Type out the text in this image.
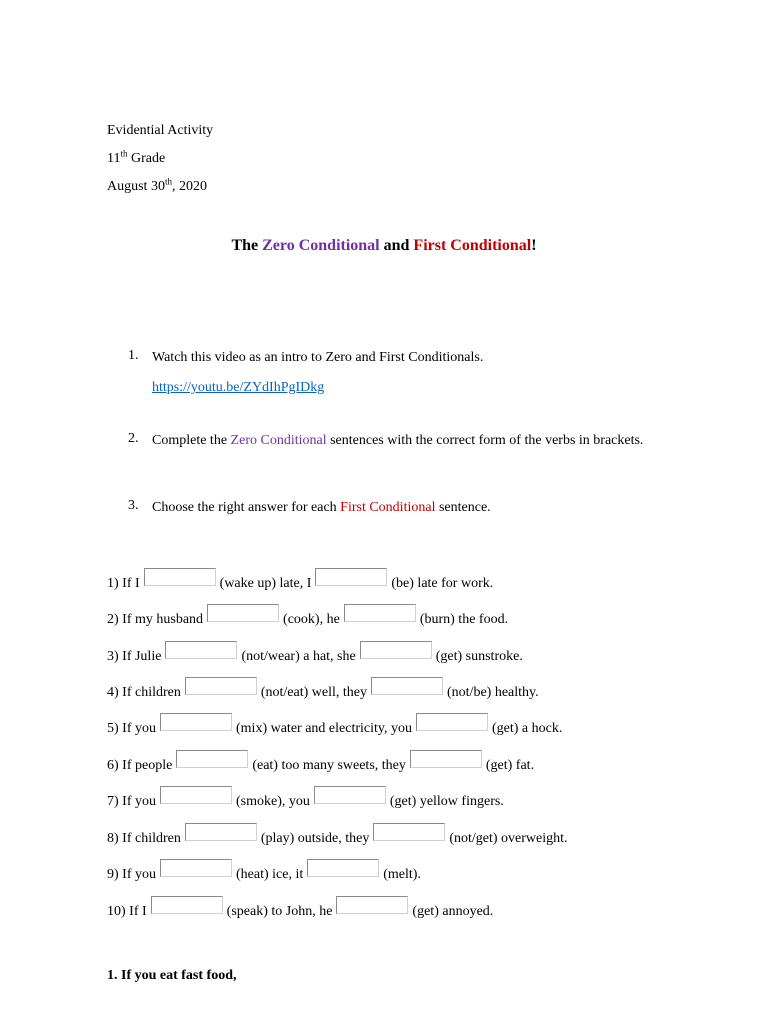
Evidential Activity
11th Grade
August 30th, 2020
The Zero Conditional and First Conditional!
1. Watch this video as an intro to Zero and First Conditionals.
https://youtu.be/ZYdIhPgIDkg
2. Complete the Zero Conditional sentences with the correct form of the verbs in brackets.
3. Choose the right answer for each First Conditional sentence.
1) If I	(wake up) late, I	(be) late for work.
2) If my husband	(cook), he	(burn) the food.
3) If Julie	(not/wear) a hat, she	(get) sunstroke.
4) If children	(not/eat) well, they	(not/be) healthy.
5) If you	(mix) water and electricity, you	(get) a hock.
6) If people	(eat) too many sweets, they	(get) fat.
7) If you	(smoke), you	(get) yellow fingers.
8) If children	(play) outside, they	(not/get) overweight.
9) If you	(heat) ice, it	(melt).
10) If I	(speak) to John, he	(get) annoyed.
1. If you eat fast food,
